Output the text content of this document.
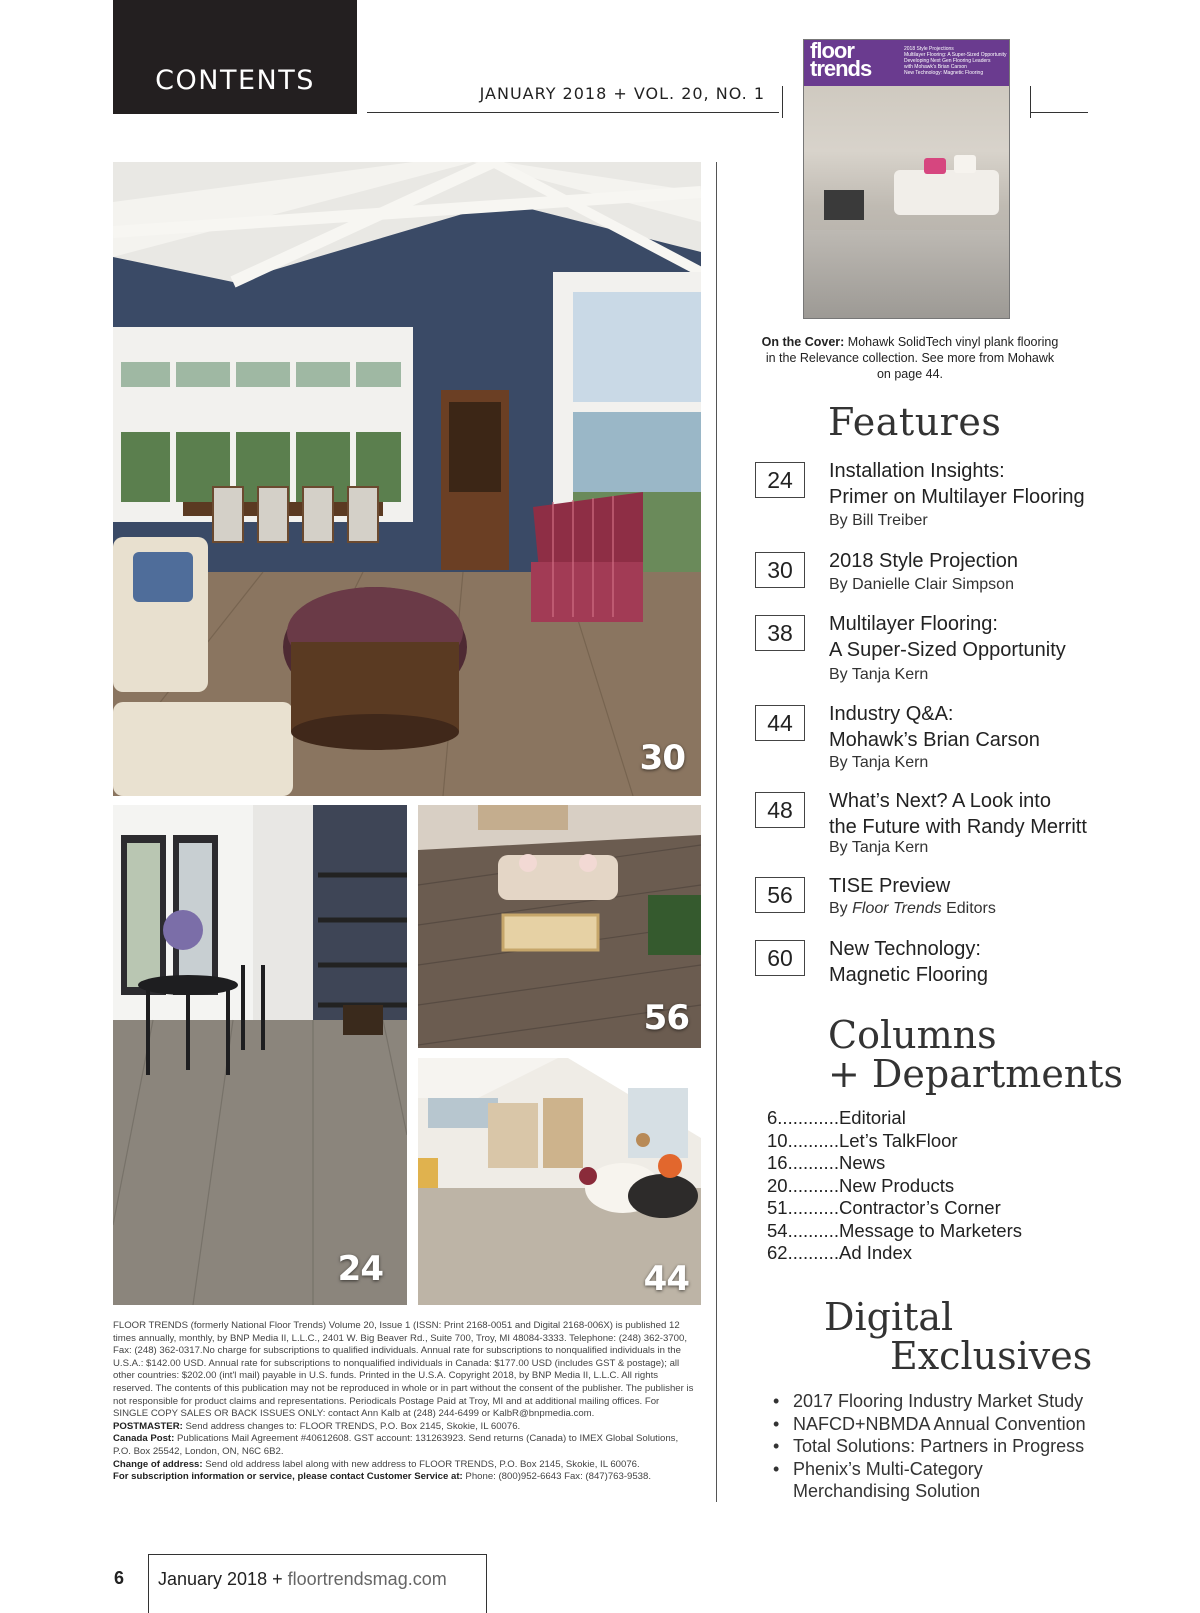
CONTENTS	JANUARY 2018 + VOL. 20, NO. 1
floor
trends
2018 Style Projections
Multilayer Flooring: A Super-Sized Opportunity
Developing Next Gen Flooring Leaders
with Mohawk's Brian Carson
New Technology: Magnetic Flooring
On the Cover: Mohawk SolidTech vinyl plank flooring in the Relevance collection. See more from Mohawk on page 44.
30
24
56
44
FLOOR TRENDS (formerly National Floor Trends) Volume 20, Issue 1 (ISSN: Print 2168-0051 and Digital 2168-006X) is published 12 times annually, monthly, by BNP Media II, L.L.C., 2401 W. Big Beaver Rd., Suite 700, Troy, MI 48084-3333. Telephone: (248) 362-3700, Fax: (248) 362-0317.No charge for subscriptions to qualified individuals. Annual rate for subscriptions to nonqualified individuals in the U.S.A.: $142.00 USD. Annual rate for subscriptions to nonqualified individuals in Canada: $177.00 USD (includes GST & postage); all other countries: $202.00 (int'l mail) payable in U.S. funds. Printed in the U.S.A. Copyright 2018, by BNP Media II, L.L.C. All rights reserved. The contents of this publication may not be reproduced in whole or in part without the consent of the publisher. The publisher is not responsible for product claims and representations. Periodicals Postage Paid at Troy, MI and at additional mailing offices. For SINGLE COPY SALES OR BACK ISSUES ONLY: contact Ann Kalb at (248) 244-6499 or KalbR@bnpmedia.com.
POSTMASTER: Send address changes to: FLOOR TRENDS, P.O. Box 2145, Skokie, IL 60076.
Canada Post: Publications Mail Agreement #40612608. GST account: 131263923. Send returns (Canada) to IMEX Global Solutions, P.O. Box 25542, London, ON, N6C 6B2.
Change of address: Send old address label along with new address to FLOOR TRENDS, P.O. Box 2145, Skokie, IL 60076.
For subscription information or service, please contact Customer Service at: Phone: (800)952-6643 Fax: (847)763-9538.
Features
24	Installation Insights:
Primer on Multilayer Flooring
By Bill Treiber
30	2018 Style Projection
By Danielle Clair Simpson
38	Multilayer Flooring:
A Super-Sized Opportunity
By Tanja Kern
44	Industry Q&A:
Mohawk’s Brian Carson
By Tanja Kern
48	What’s Next? A Look into
the Future with Randy Merritt
By Tanja Kern
56	TISE Preview
By Floor Trends Editors
60	New Technology:
Magnetic Flooring
Columns
+ Departments
6............Editorial
10..........Let’s TalkFloor
16..........News
20..........New Products
51..........Contractor’s Corner
54..........Message to Marketers
62..........Ad Index
Digital
Exclusives
• 2017 Flooring Industry Market Study
• NAFCD+NBMDA Annual Convention
• Total Solutions: Partners in Progress
• Phenix’s Multi-Category Merchandising Solution
6 January 2018 + floortrendsmag.com
